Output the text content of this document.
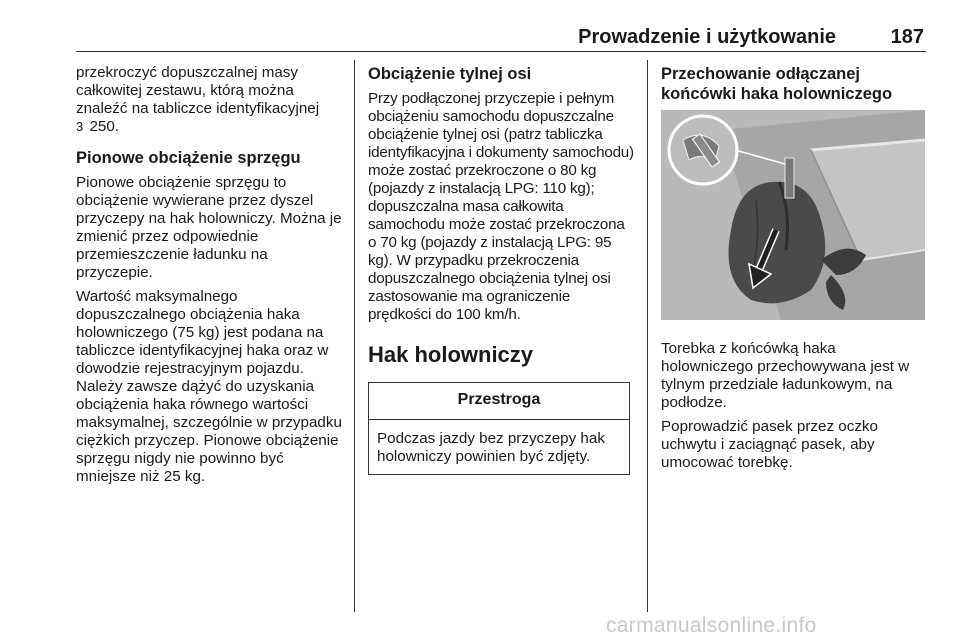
Prowadzenie i użytkowanie	187

przekroczyć dopuszczalnej masy całkowitej zestawu, którą można znaleźć na tabliczce identyfikacyjnej
3 250.

Pionowe obciążenie sprzęgu

Pionowe obciążenie sprzęgu to obciążenie wywierane przez dyszel przyczepy na hak holowniczy. Można je zmienić przez odpowiednie przemieszczenie ładunku na przyczepie.

Wartość maksymalnego dopuszczalnego obciążenia haka holowniczego (75 kg) jest podana na tabliczce identyfikacyjnej haka oraz w dowodzie rejestracyjnym pojazdu. Należy zawsze dążyć do uzyskania obciążenia haka równego wartości maksymalnej, szczególnie w przypadku ciężkich przyczep. Pionowe obciążenie sprzęgu nigdy nie powinno być mniejsze niż 25 kg.

Obciążenie tylnej osi

Przy podłączonej przyczepie i pełnym obciążeniu samochodu dopuszczalne obciążenie tylnej osi (patrz tabliczka identyfikacyjna i dokumenty samochodu) może zostać przekroczone o 80 kg (pojazdy z instalacją LPG: 110 kg); dopuszczalna masa całkowita samochodu może zostać przekroczona o 70 kg (pojazdy z instalacją LPG: 95 kg). W przypadku przekroczenia dopuszczalnego obciążenia tylnej osi zastosowanie ma ograniczenie prędkości do 100 km/h.

Hak holowniczy
Przestroga
Podczas jazdy bez przyczepy hak holowniczy powinien być zdjęty.
Przechowanie odłączanej końcówki haka holowniczego

Torebka z końcówką haka holowniczego przechowywana jest w tylnym przedziale ładunkowym, na podłodze.

Poprowadzić pasek przez oczko uchwytu i zaciągnąć pasek, aby umocować torebkę.

carmanualsonline.info
